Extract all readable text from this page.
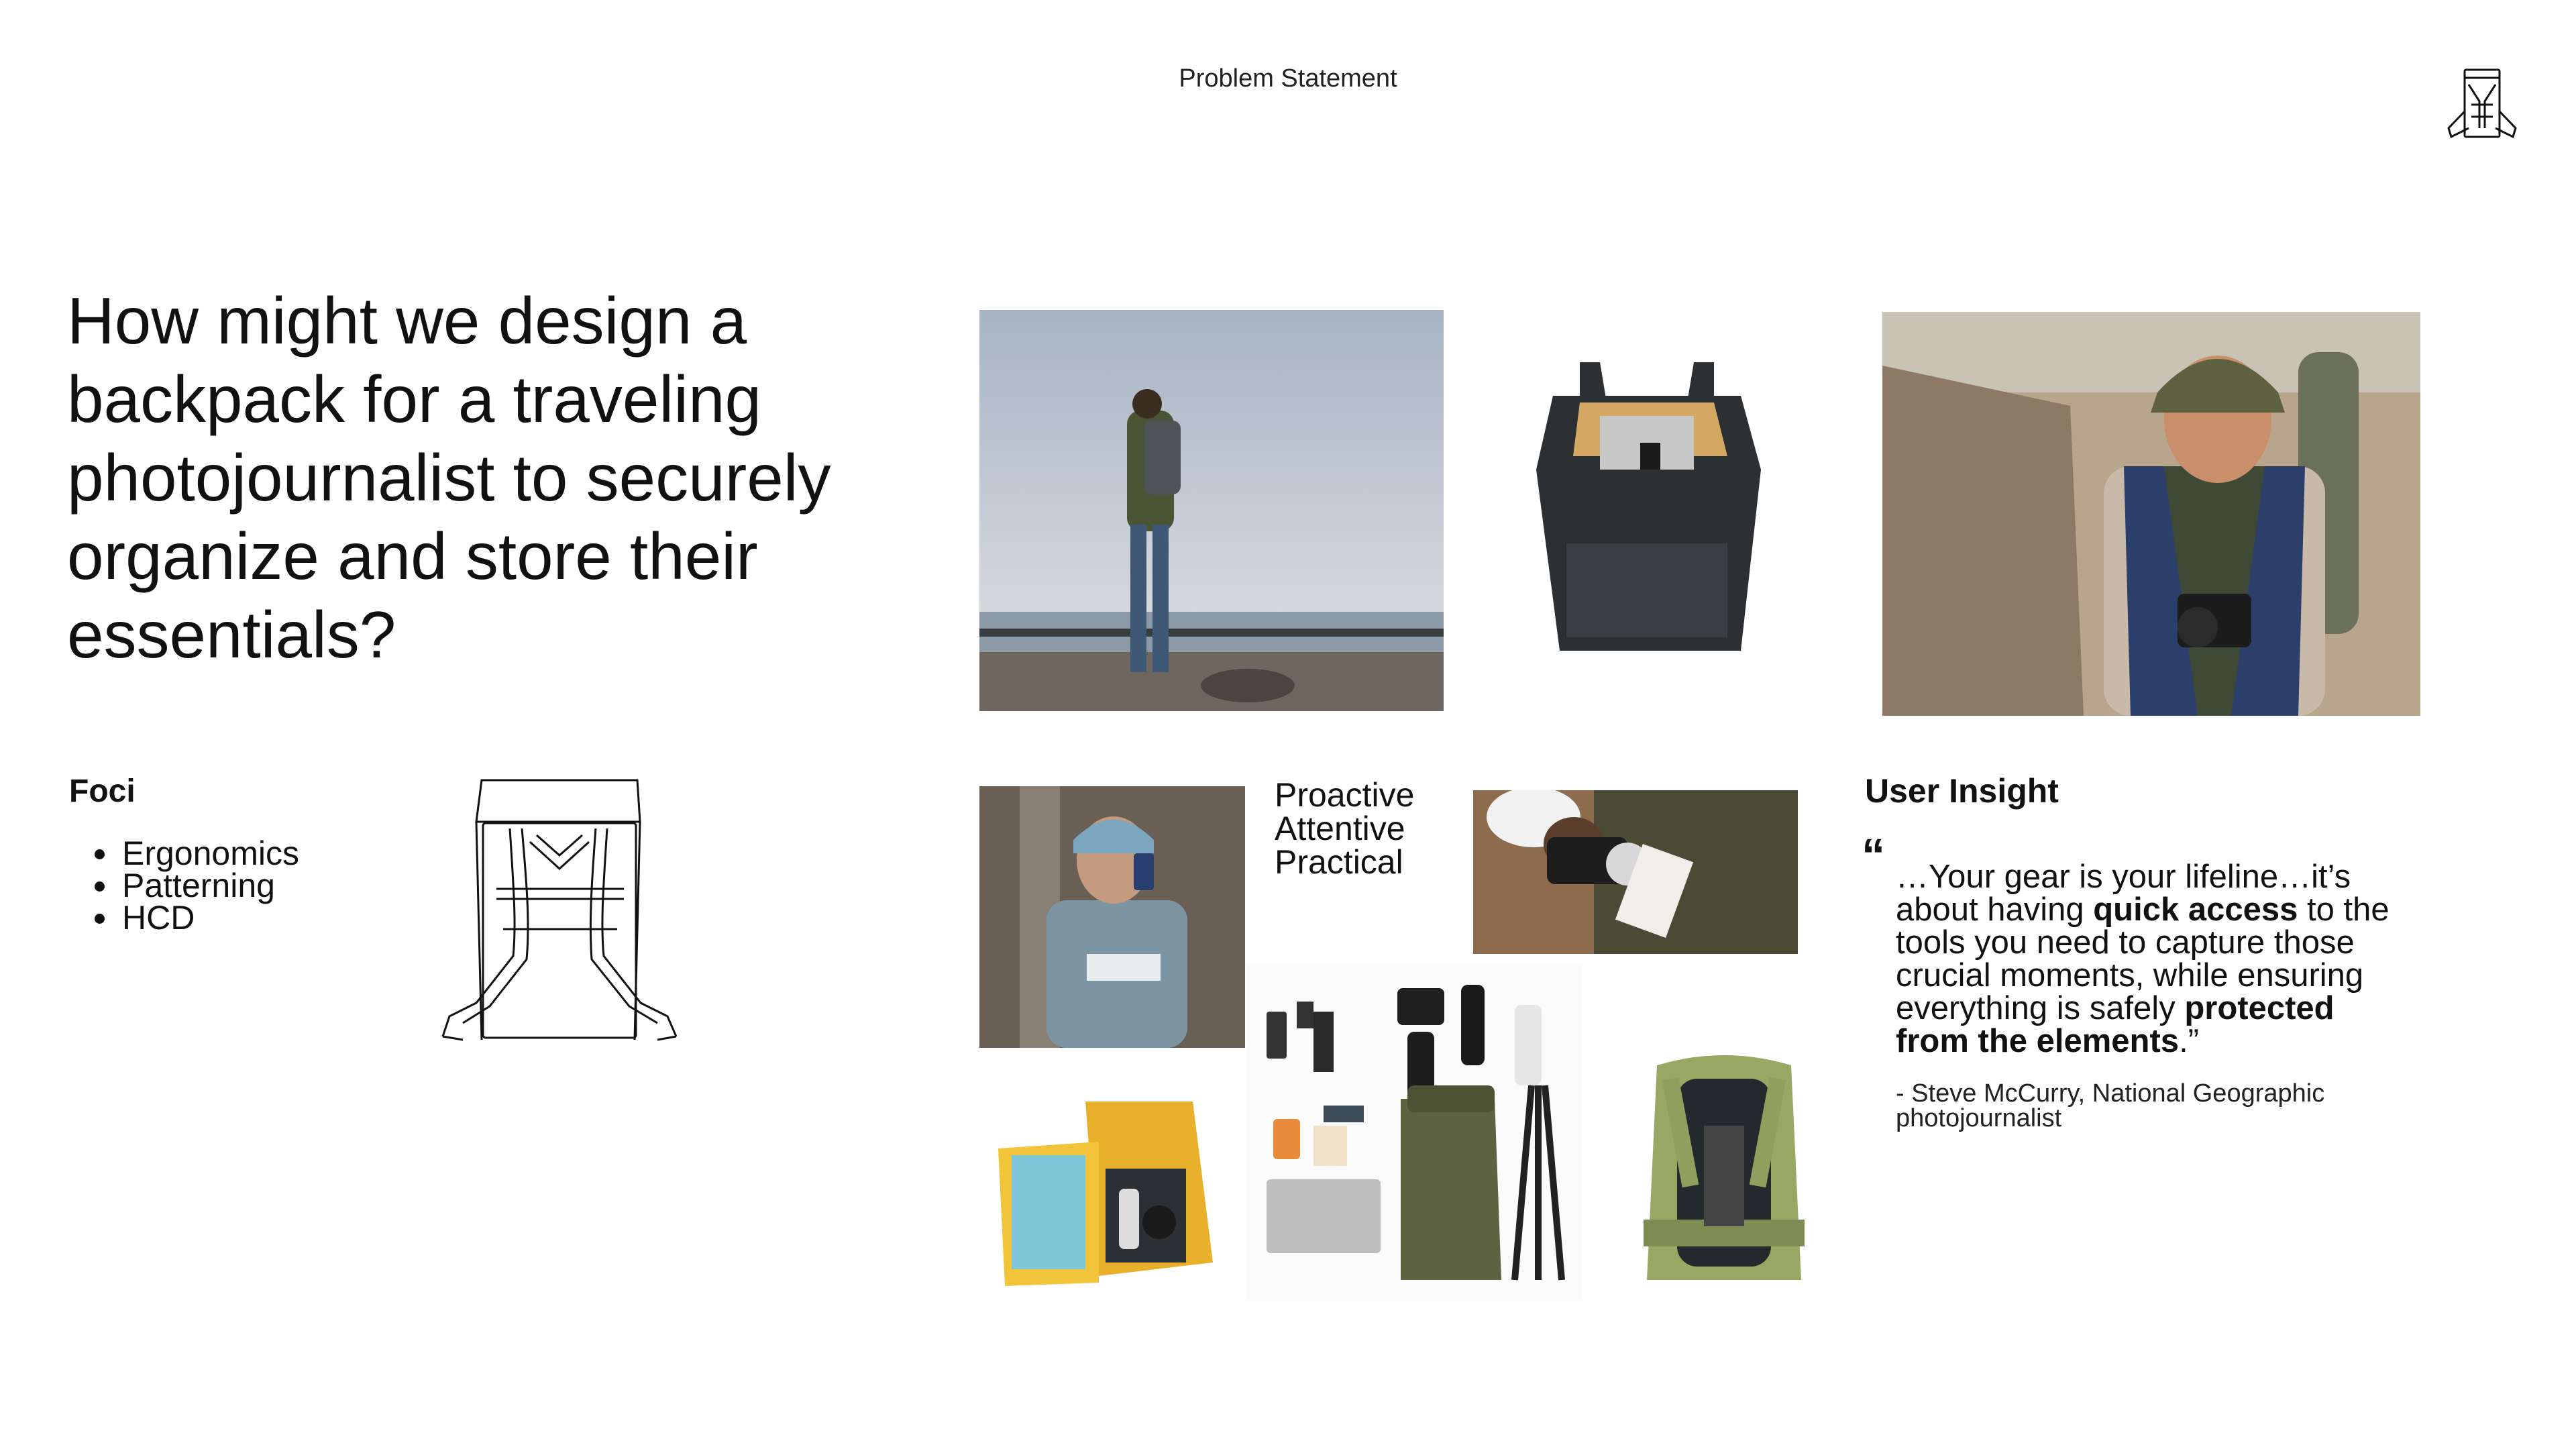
Problem Statement
How might we design a backpack for a traveling photojournalist to securely organize and store their essentials?
Foci
• Ergonomics
• Patterning
• HCD
Proactive
Attentive
Practical
User Insight
“ …Your gear is your lifeline…it’s about having quick access to the tools you need to capture those crucial moments, while ensuring everything is safely protected from the elements.”
- Steve McCurry, National Geographic photojournalist
